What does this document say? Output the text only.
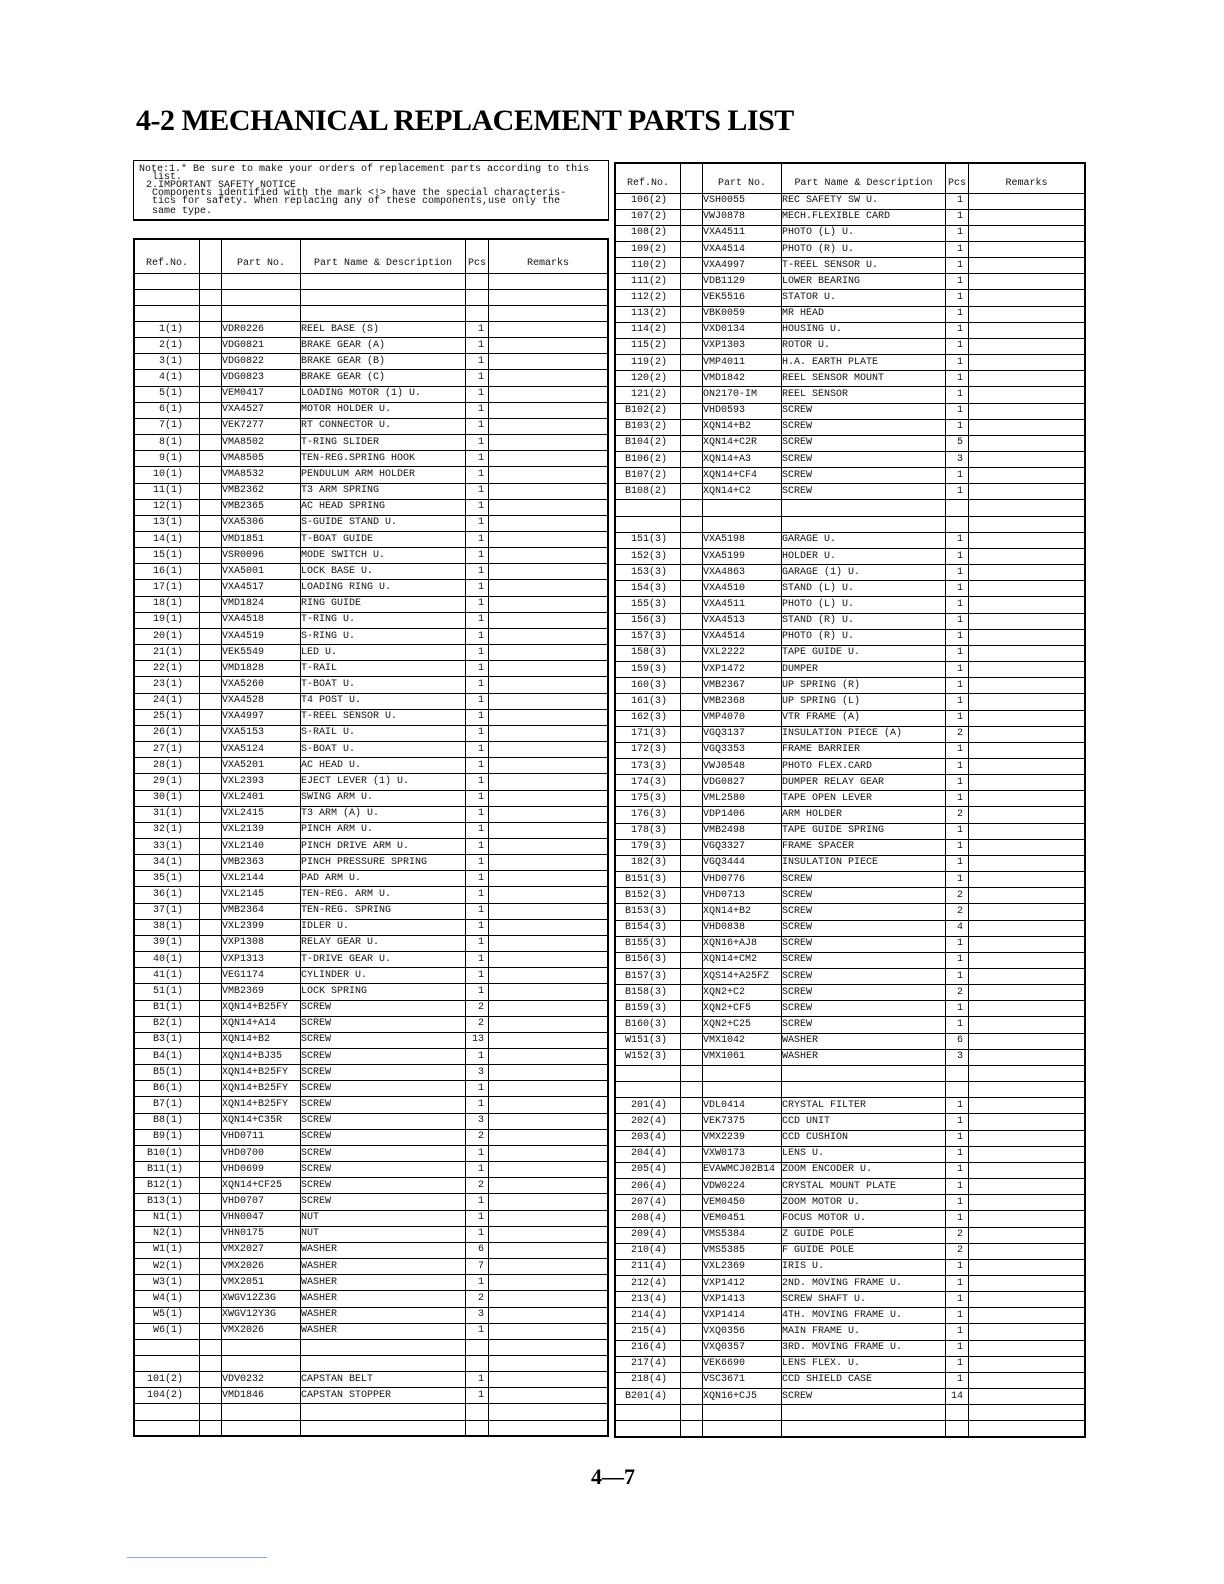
4-2 MECHANICAL REPLACEMENT PARTS LIST
Note:1.* Be sure to make your orders of replacement parts according to this
list.
2.IMPORTANT SAFETY NOTICE
Components identified with the mark <!> have the special characteris-
tics for safety. When replacing any of these components,use only the
same type.
Ref.No.		Part No.	Part Name & Description	Pcs	Remarks

1(1)		VDR0226	REEL BASE (S)	1	
2(1)		VDG0821	BRAKE GEAR (A)	1	
3(1)		VDG0822	BRAKE GEAR (B)	1	
4(1)		VDG0823	BRAKE GEAR (C)	1	
5(1)		VEM0417	LOADING MOTOR (1) U.	1	
6(1)		VXA4527	MOTOR HOLDER U.	1	
7(1)		VEK7277	RT CONNECTOR U.	1	
8(1)		VMA8502	T-RING SLIDER	1	
9(1)		VMA8505	TEN-REG.SPRING HOOK	1	
10(1)		VMA8532	PENDULUM ARM HOLDER	1	
11(1)		VMB2362	T3 ARM SPRING	1	
12(1)		VMB2365	AC HEAD SPRING	1	
13(1)		VXA5306	S-GUIDE STAND U.	1	
14(1)		VMD1851	T-BOAT GUIDE	1	
15(1)		VSR0096	MODE SWITCH U.	1	
16(1)		VXA5001	LOCK BASE U.	1	
17(1)		VXA4517	LOADING RING U.	1	
18(1)		VMD1824	RING GUIDE	1	
19(1)		VXA4518	T-RING U.	1	
20(1)		VXA4519	S-RING U.	1	
21(1)		VEK5549	LED U.	1	
22(1)		VMD1828	T-RAIL	1	
23(1)		VXA5260	T-BOAT U.	1	
24(1)		VXA4528	T4 POST U.	1	
25(1)		VXA4997	T-REEL SENSOR U.	1	
26(1)		VXA5153	S-RAIL U.	1	
27(1)		VXA5124	S-BOAT U.	1	
28(1)		VXA5201	AC HEAD U.	1	
29(1)		VXL2393	EJECT LEVER (1) U.	1	
30(1)		VXL2401	SWING ARM U.	1	
31(1)		VXL2415	T3 ARM (A) U.	1	
32(1)		VXL2139	PINCH ARM U.	1	
33(1)		VXL2140	PINCH DRIVE ARM U.	1	
34(1)		VMB2363	PINCH PRESSURE SPRING	1	
35(1)		VXL2144	PAD ARM U.	1	
36(1)		VXL2145	TEN-REG. ARM U.	1	
37(1)		VMB2364	TEN-REG. SPRING	1	
38(1)		VXL2399	IDLER U.	1	
39(1)		VXP1308	RELAY GEAR U.	1	
40(1)		VXP1313	T-DRIVE GEAR U.	1	
41(1)		VEG1174	CYLINDER U.	1	
51(1)		VMB2369	LOCK SPRING	1	
B1(1)		XQN14+B25FY	SCREW	2	
B2(1)		XQN14+A14	SCREW	2	
B3(1)		XQN14+B2	SCREW	13	
B4(1)		XQN14+BJ35	SCREW	1	
B5(1)		XQN14+B25FY	SCREW	3	
B6(1)		XQN14+B25FY	SCREW	1	
B7(1)		XQN14+B25FY	SCREW	1	
B8(1)		XQN14+C35R	SCREW	3	
B9(1)		VHD0711	SCREW	2	
B10(1)		VHD0700	SCREW	1	
B11(1)		VHD0699	SCREW	1	
B12(1)		XQN14+CF25	SCREW	2	
B13(1)		VHD0707	SCREW	1	
N1(1)		VHN0047	NUT	1	
N2(1)		VHN0175	NUT	1	
W1(1)		VMX2027	WASHER	6	
W2(1)		VMX2026	WASHER	7	
W3(1)		VMX2051	WASHER	1	
W4(1)		XWGV12Z3G	WASHER	2	
W5(1)		XWGV12Y3G	WASHER	3	
W6(1)		VMX2026	WASHER	1	

101(2)		VDV0232	CAPSTAN BELT	1	
104(2)		VMD1846	CAPSTAN STOPPER	1	

Ref.No.		Part No.	Part Name & Description	Pcs	Remarks
106(2)		VSH0055	REC SAFETY SW U.	1	
107(2)		VWJ0878	MECH.FLEXIBLE CARD	1	
108(2)		VXA4511	PHOTO (L) U.	1	
109(2)		VXA4514	PHOTO (R) U.	1	
110(2)		VXA4997	T-REEL SENSOR U.	1	
111(2)		VDB1129	LOWER BEARING	1	
112(2)		VEK5516	STATOR U.	1	
113(2)		VBK0059	MR HEAD	1	
114(2)		VXD0134	HOUSING U.	1	
115(2)		VXP1303	ROTOR U.	1	
119(2)		VMP4011	H.A. EARTH PLATE	1	
120(2)		VMD1842	REEL SENSOR MOUNT	1	
121(2)		ON2170-IM	REEL SENSOR	1	
B102(2)		VHD0593	SCREW	1	
B103(2)		XQN14+B2	SCREW	1	
B104(2)		XQN14+C2R	SCREW	5	
B106(2)		XQN14+A3	SCREW	3	
B107(2)		XQN14+CF4	SCREW	1	
B108(2)		XQN14+C2	SCREW	1	

151(3)		VXA5198	GARAGE U.	1	
152(3)		VXA5199	HOLDER U.	1	
153(3)		VXA4863	GARAGE (1) U.	1	
154(3)		VXA4510	STAND (L) U.	1	
155(3)		VXA4511	PHOTO (L) U.	1	
156(3)		VXA4513	STAND (R) U.	1	
157(3)		VXA4514	PHOTO (R) U.	1	
158(3)		VXL2222	TAPE GUIDE U.	1	
159(3)		VXP1472	DUMPER	1	
160(3)		VMB2367	UP SPRING (R)	1	
161(3)		VMB2368	UP SPRING (L)	1	
162(3)		VMP4070	VTR FRAME (A)	1	
171(3)		VGQ3137	INSULATION PIECE (A)	2	
172(3)		VGQ3353	FRAME BARRIER	1	
173(3)		VWJ0548	PHOTO FLEX.CARD	1	
174(3)		VDG0827	DUMPER RELAY GEAR	1	
175(3)		VML2580	TAPE OPEN LEVER	1	
176(3)		VDP1406	ARM HOLDER	2	
178(3)		VMB2498	TAPE GUIDE SPRING	1	
179(3)		VGQ3327	FRAME SPACER	1	
182(3)		VGQ3444	INSULATION PIECE	1	
B151(3)		VHD0776	SCREW	1	
B152(3)		VHD0713	SCREW	2	
B153(3)		XQN14+B2	SCREW	2	
B154(3)		VHD0838	SCREW	4	
B155(3)		XQN16+AJ8	SCREW	1	
B156(3)		XQN14+CM2	SCREW	1	
B157(3)		XQS14+A25FZ	SCREW	1	
B158(3)		XQN2+C2	SCREW	2	
B159(3)		XQN2+CF5	SCREW	1	
B160(3)		XQN2+C25	SCREW	1	
W151(3)		VMX1042	WASHER	6	
W152(3)		VMX1061	WASHER	3	

201(4)		VDL0414	CRYSTAL FILTER	1	
202(4)		VEK7375	CCD UNIT	1	
203(4)		VMX2239	CCD CUSHION	1	
204(4)		VXW0173	LENS U.	1	
205(4)		EVAWMCJ02B14	ZOOM ENCODER U.	1	
206(4)		VDW0224	CRYSTAL MOUNT PLATE	1	
207(4)		VEM0450	ZOOM MOTOR U.	1	
208(4)		VEM0451	FOCUS MOTOR U.	1	
209(4)		VMS5384	Z GUIDE POLE	2	
210(4)		VMS5385	F GUIDE POLE	2	
211(4)		VXL2369	IRIS U.	1	
212(4)		VXP1412	2ND. MOVING FRAME U.	1	
213(4)		VXP1413	SCREW SHAFT U.	1	
214(4)		VXP1414	4TH. MOVING FRAME U.	1	
215(4)		VXQ0356	MAIN FRAME U.	1	
216(4)		VXQ0357	3RD. MOVING FRAME U.	1	
217(4)		VEK6690	LENS FLEX. U.	1	
218(4)		VSC3671	CCD SHIELD CASE	1	
B201(4)		XQN16+CJ5	SCREW	14	

4—7
